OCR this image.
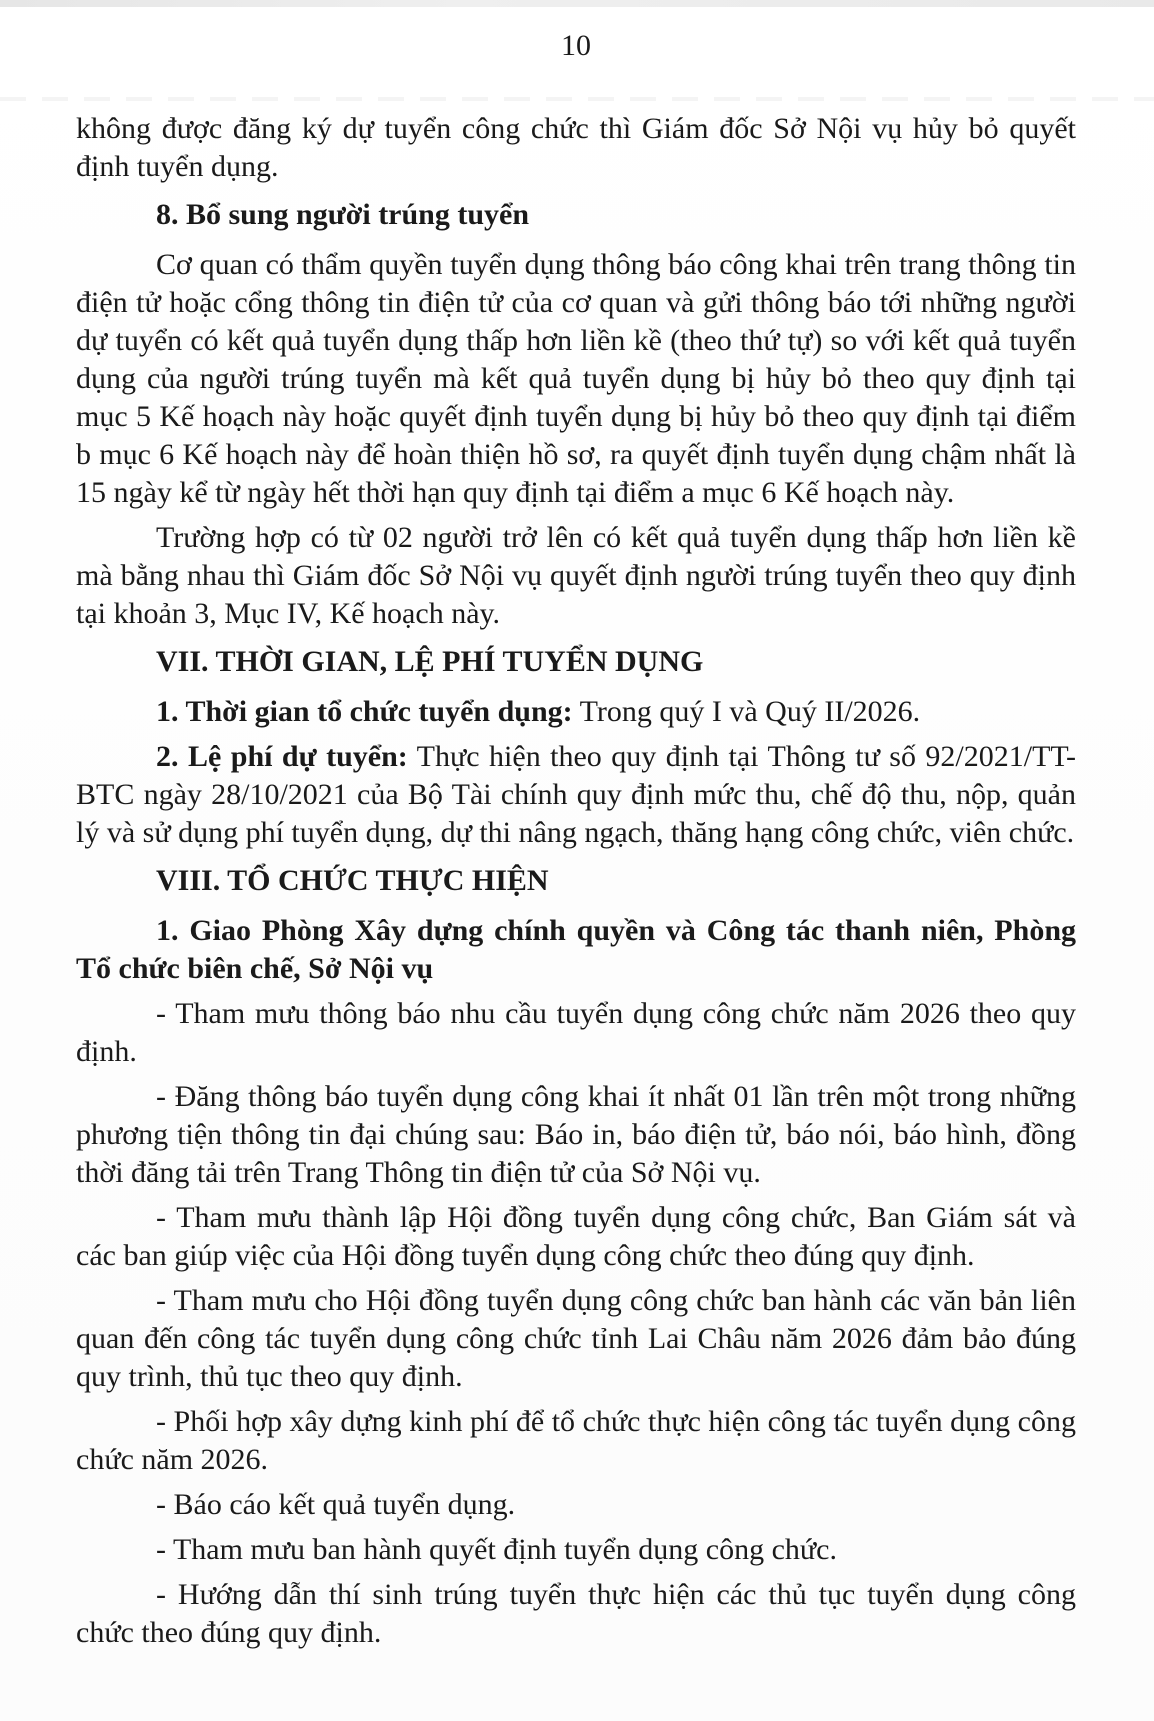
10

không được đăng ký dự tuyển công chức thì Giám đốc Sở Nội vụ hủy bỏ quyết định tuyển dụng.

8. Bổ sung người trúng tuyển

Cơ quan có thẩm quyền tuyển dụng thông báo công khai trên trang thông tin điện tử hoặc cổng thông tin điện tử của cơ quan và gửi thông báo tới những người dự tuyển có kết quả tuyển dụng thấp hơn liền kề (theo thứ tự) so với kết quả tuyển dụng của người trúng tuyển mà kết quả tuyển dụng bị hủy bỏ theo quy định tại mục 5 Kế hoạch này hoặc quyết định tuyển dụng bị hủy bỏ theo quy định tại điểm b mục 6 Kế hoạch này để hoàn thiện hồ sơ, ra quyết định tuyển dụng chậm nhất là 15 ngày kể từ ngày hết thời hạn quy định tại điểm a mục 6 Kế hoạch này.

Trường hợp có từ 02 người trở lên có kết quả tuyển dụng thấp hơn liền kề mà bằng nhau thì Giám đốc Sở Nội vụ quyết định người trúng tuyển theo quy định tại khoản 3, Mục IV, Kế hoạch này.

VII. THỜI GIAN, LỆ PHÍ TUYỂN DỤNG

1. Thời gian tổ chức tuyển dụng: Trong quý I và Quý II/2026.

2. Lệ phí dự tuyển: Thực hiện theo quy định tại Thông tư số 92/2021/TT-BTC ngày 28/10/2021 của Bộ Tài chính quy định mức thu, chế độ thu, nộp, quản lý và sử dụng phí tuyển dụng, dự thi nâng ngạch, thăng hạng công chức, viên chức.

VIII. TỔ CHỨC THỰC HIỆN

1. Giao Phòng Xây dựng chính quyền và Công tác thanh niên, Phòng Tổ chức biên chế, Sở Nội vụ

- Tham mưu thông báo nhu cầu tuyển dụng công chức năm 2026 theo quy định.

- Đăng thông báo tuyển dụng công khai ít nhất 01 lần trên một trong những phương tiện thông tin đại chúng sau: Báo in, báo điện tử, báo nói, báo hình, đồng thời đăng tải trên Trang Thông tin điện tử của Sở Nội vụ.

- Tham mưu thành lập Hội đồng tuyển dụng công chức, Ban Giám sát và các ban giúp việc của Hội đồng tuyển dụng công chức theo đúng quy định.

- Tham mưu cho Hội đồng tuyển dụng công chức ban hành các văn bản liên quan đến công tác tuyển dụng công chức tỉnh Lai Châu năm 2026 đảm bảo đúng quy trình, thủ tục theo quy định.

- Phối hợp xây dựng kinh phí để tổ chức thực hiện công tác tuyển dụng công chức năm 2026.

- Báo cáo kết quả tuyển dụng.

- Tham mưu ban hành quyết định tuyển dụng công chức.

- Hướng dẫn thí sinh trúng tuyển thực hiện các thủ tục tuyển dụng công chức theo đúng quy định.
